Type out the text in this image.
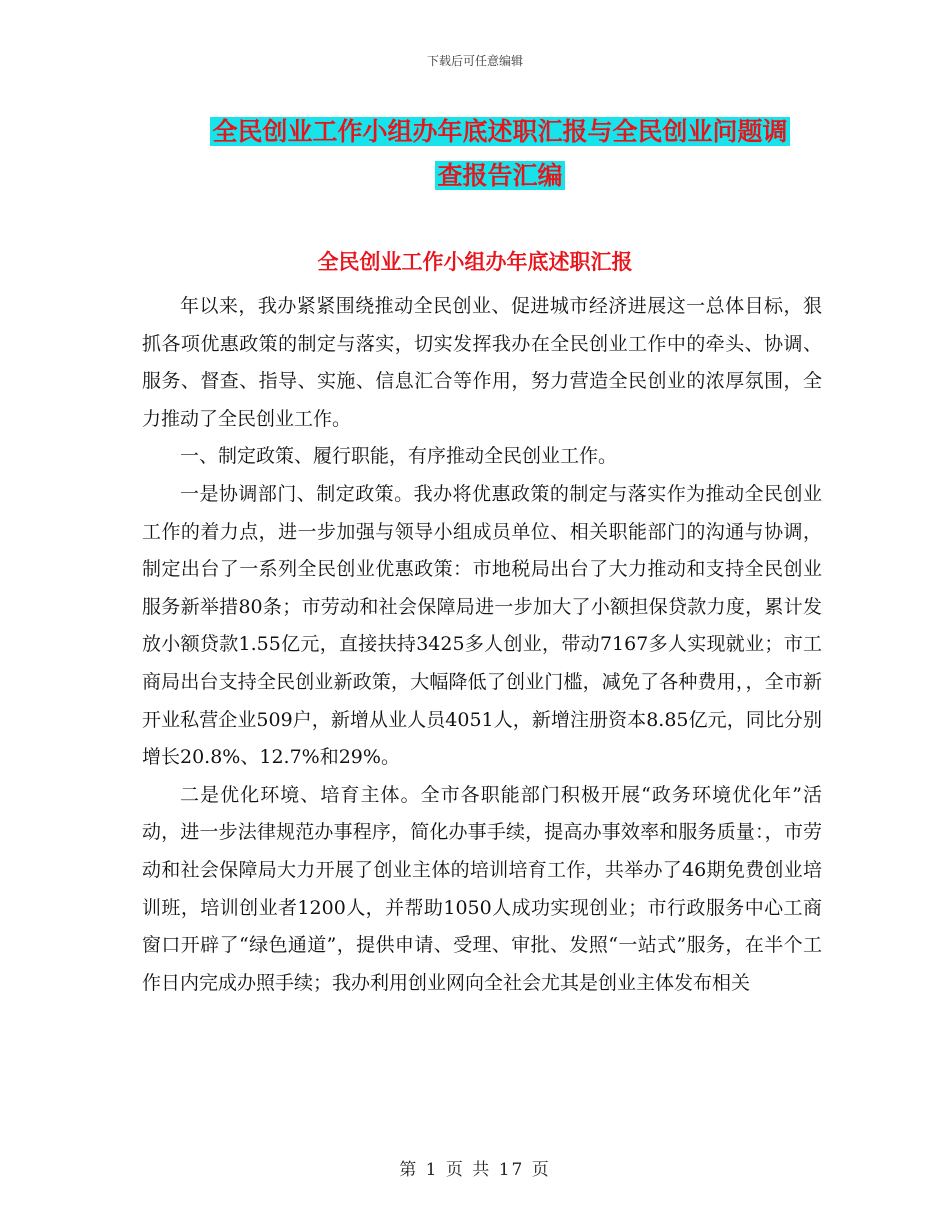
下载后可任意编辑
全民创业工作小组办年底述职汇报与全民创业问题调
查报告汇编
全民创业工作小组办年底述职汇报

年以来，我办紧紧围绕推动全民创业、促进城市经济进展这一总体目标，狠抓各项优惠政策的制定与落实，切实发挥我办在全民创业工作中的牵头、协调、服务、督查、指导、实施、信息汇合等作用，努力营造全民创业的浓厚氛围，全力推动了全民创业工作。

一、制定政策、履行职能，有序推动全民创业工作。

一是协调部门、制定政策。我办将优惠政策的制定与落实作为推动全民创业工作的着力点，进一步加强与领导小组成员单位、相关职能部门的沟通与协调，制定出台了一系列全民创业优惠政策：市地税局出台了大力推动和支持全民创业服务新举措80条；市劳动和社会保障局进一步加大了小额担保贷款力度，累计发放小额贷款1.55亿元，直接扶持3425多人创业，带动7167多人实现就业；市工商局出台支持全民创业新政策，大幅降低了创业门槛，减免了各种费用，，全市新开业私营企业509户，新增从业人员4051人，新增注册资本8.85亿元，同比分别增长20.8%、12.7%和29%。

二是优化环境、培育主体。全市各职能部门积极开展“政务环境优化年”活动，进一步法律规范办事程序，简化办事手续，提高办事效率和服务质量：，市劳动和社会保障局大力开展了创业主体的培训培育工作，共举办了46期免费创业培训班，培训创业者1200人，并帮助1050人成功实现创业；市行政服务中心工商窗口开辟了“绿色通道”，提供申请、受理、审批、发照“一站式”服务，在半个工作日内完成办照手续；我办利用创业网向全社会尤其是创业主体发布相关

第 1 页 共 17 页
